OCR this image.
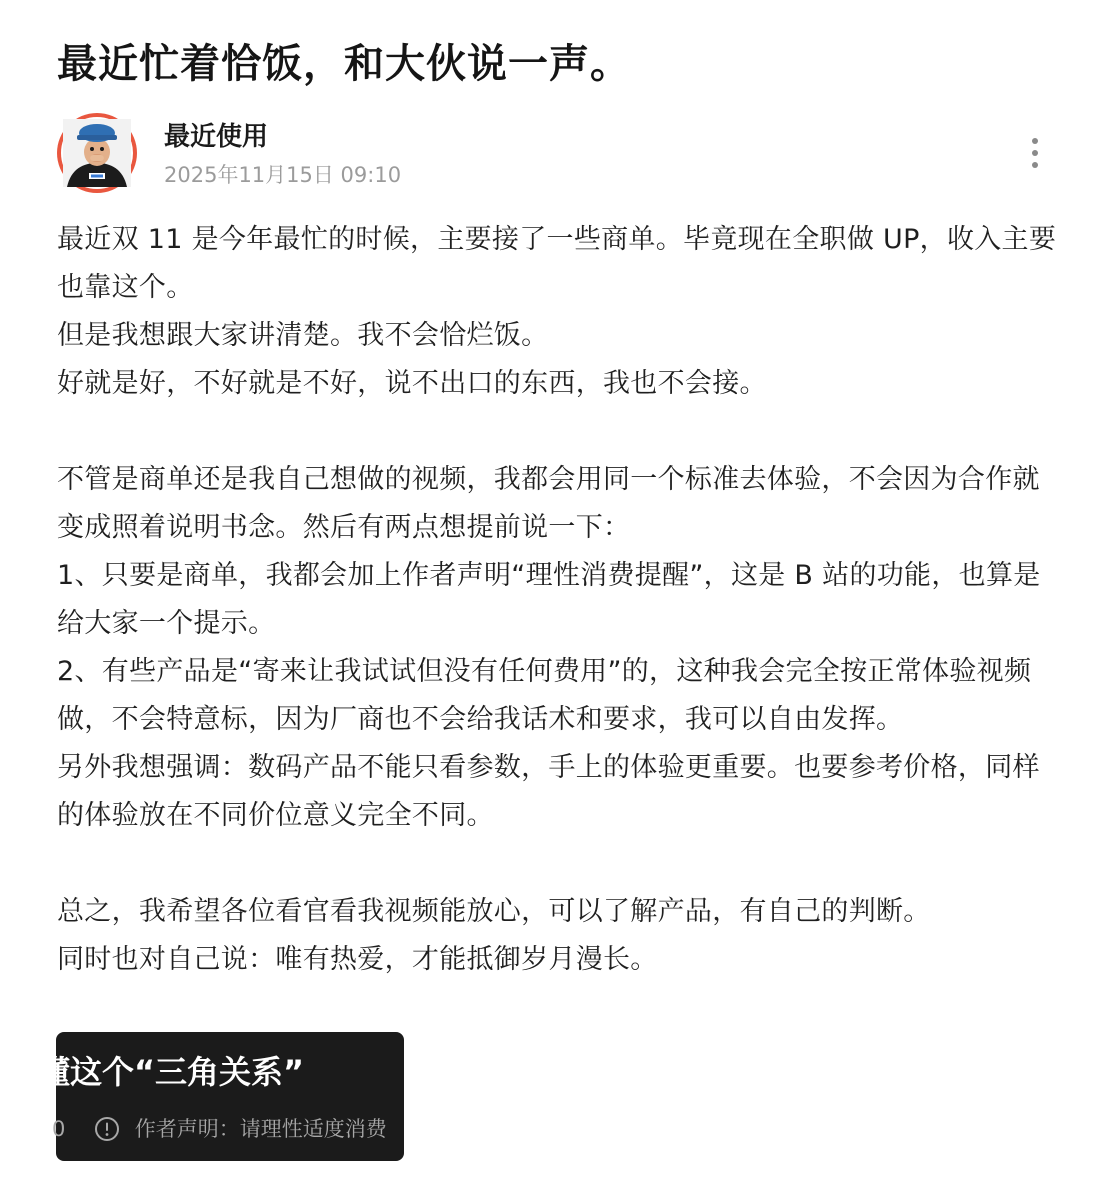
最近忙着恰饭，和大伙说一声。
最近使用
2025年11月15日 09:10

最近双 11 是今年最忙的时候，主要接了一些商单。毕竟现在全职做 UP，收入主要也靠这个。

但是我想跟大家讲清楚。我不会恰烂饭。

好就是好，不好就是不好，说不出口的东西，我也不会接。

不管是商单还是我自己想做的视频，我都会用同一个标准去体验，不会因为合作就变成照着说明书念。然后有两点想提前说一下：

1、只要是商单，我都会加上作者声明“理性消费提醒”，这是 B 站的功能，也算是给大家一个提示。

2、有些产品是“寄来让我试试但没有任何费用”的，这种我会完全按正常体验视频做，不会特意标，因为厂商也不会给我话术和要求，我可以自由发挥。

另外我想强调：数码产品不能只看参数，手上的体验更重要。也要参考价格，同样的体验放在不同价位意义完全不同。

总之，我希望各位看官看我视频能放心，可以了解产品，有自己的判断。

同时也对自己说：唯有热爱，才能抵御岁月漫长。

懂这个“三角关系”
0	作者声明：请理性适度消费
